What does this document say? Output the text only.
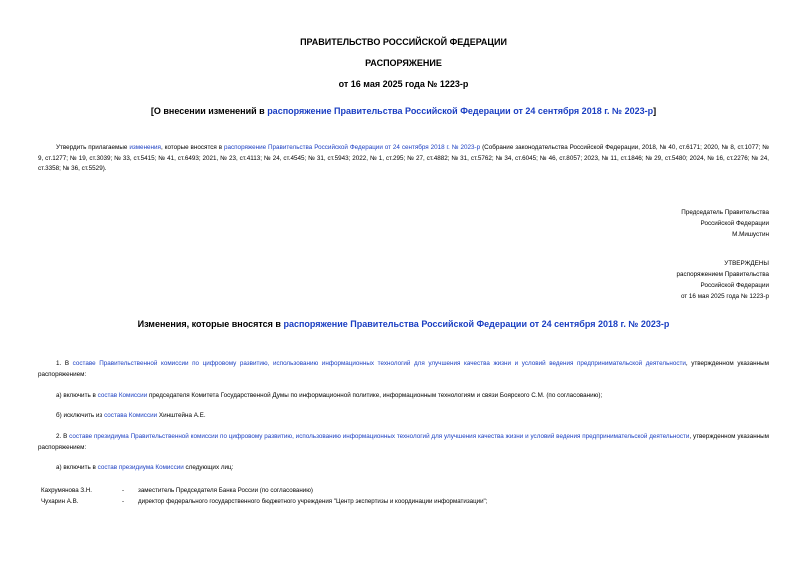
ПРАВИТЕЛЬСТВО РОССИЙСКОЙ ФЕДЕРАЦИИ
РАСПОРЯЖЕНИЕ
от 16 мая 2025 года № 1223-р
[О внесении изменений в распоряжение Правительства Российской Федерации от 24 сентября 2018 г. № 2023-р]
Утвердить прилагаемые изменения, которые вносятся в распоряжение Правительства Российской Федерации от 24 сентября 2018 г. № 2023-р (Собрание законодательства Российской Федерации, 2018, № 40, ст.6171; 2020, № 8, ст.1077; № 9, ст.1277; № 19, ст.3039; № 33, ст.5415; № 41, ст.6493; 2021, № 23, ст.4113; № 24, ст.4545; № 31, ст.5943; 2022, № 1, ст.295; № 27, ст.4882; № 31, ст.5762; № 34, ст.6045; № 46, ст.8057; 2023, № 11, ст.1846; № 29, ст.5480; 2024, № 16, ст.2276; № 24, ст.3358; № 36, ст.5529).
Председатель Правительства
Российской Федерации
М.Мишустин
УТВЕРЖДЕНЫ
распоряжением Правительства
Российской Федерации
от 16 мая 2025 года № 1223-р
Изменения, которые вносятся в распоряжение Правительства Российской Федерации от 24 сентября 2018 г. № 2023-р
1. В составе Правительственной комиссии по цифровому развитию, использованию информационных технологий для улучшения качества жизни и условий ведения предпринимательской деятельности, утвержденном указанным распоряжением:
а) включить в состав Комиссии председателя Комитета Государственной Думы по информационной политике, информационным технологиям и связи Боярского С.М. (по согласованию);
б) исключить из состава Комиссии Хинштейна А.Е.
2. В составе президиума Правительственной комиссии по цифровому развитию, использованию информационных технологий для улучшения качества жизни и условий ведения предпринимательской деятельности, утвержденном указанным распоряжением:
а) включить в состав президиума Комиссии следующих лиц:
Кахрумянова З.Н.	- заместитель Председателя Банка России (по согласованию)
Чухарин А.В.	- директор федерального государственного бюджетного учреждения "Центр экспертизы и координации информатизации";
